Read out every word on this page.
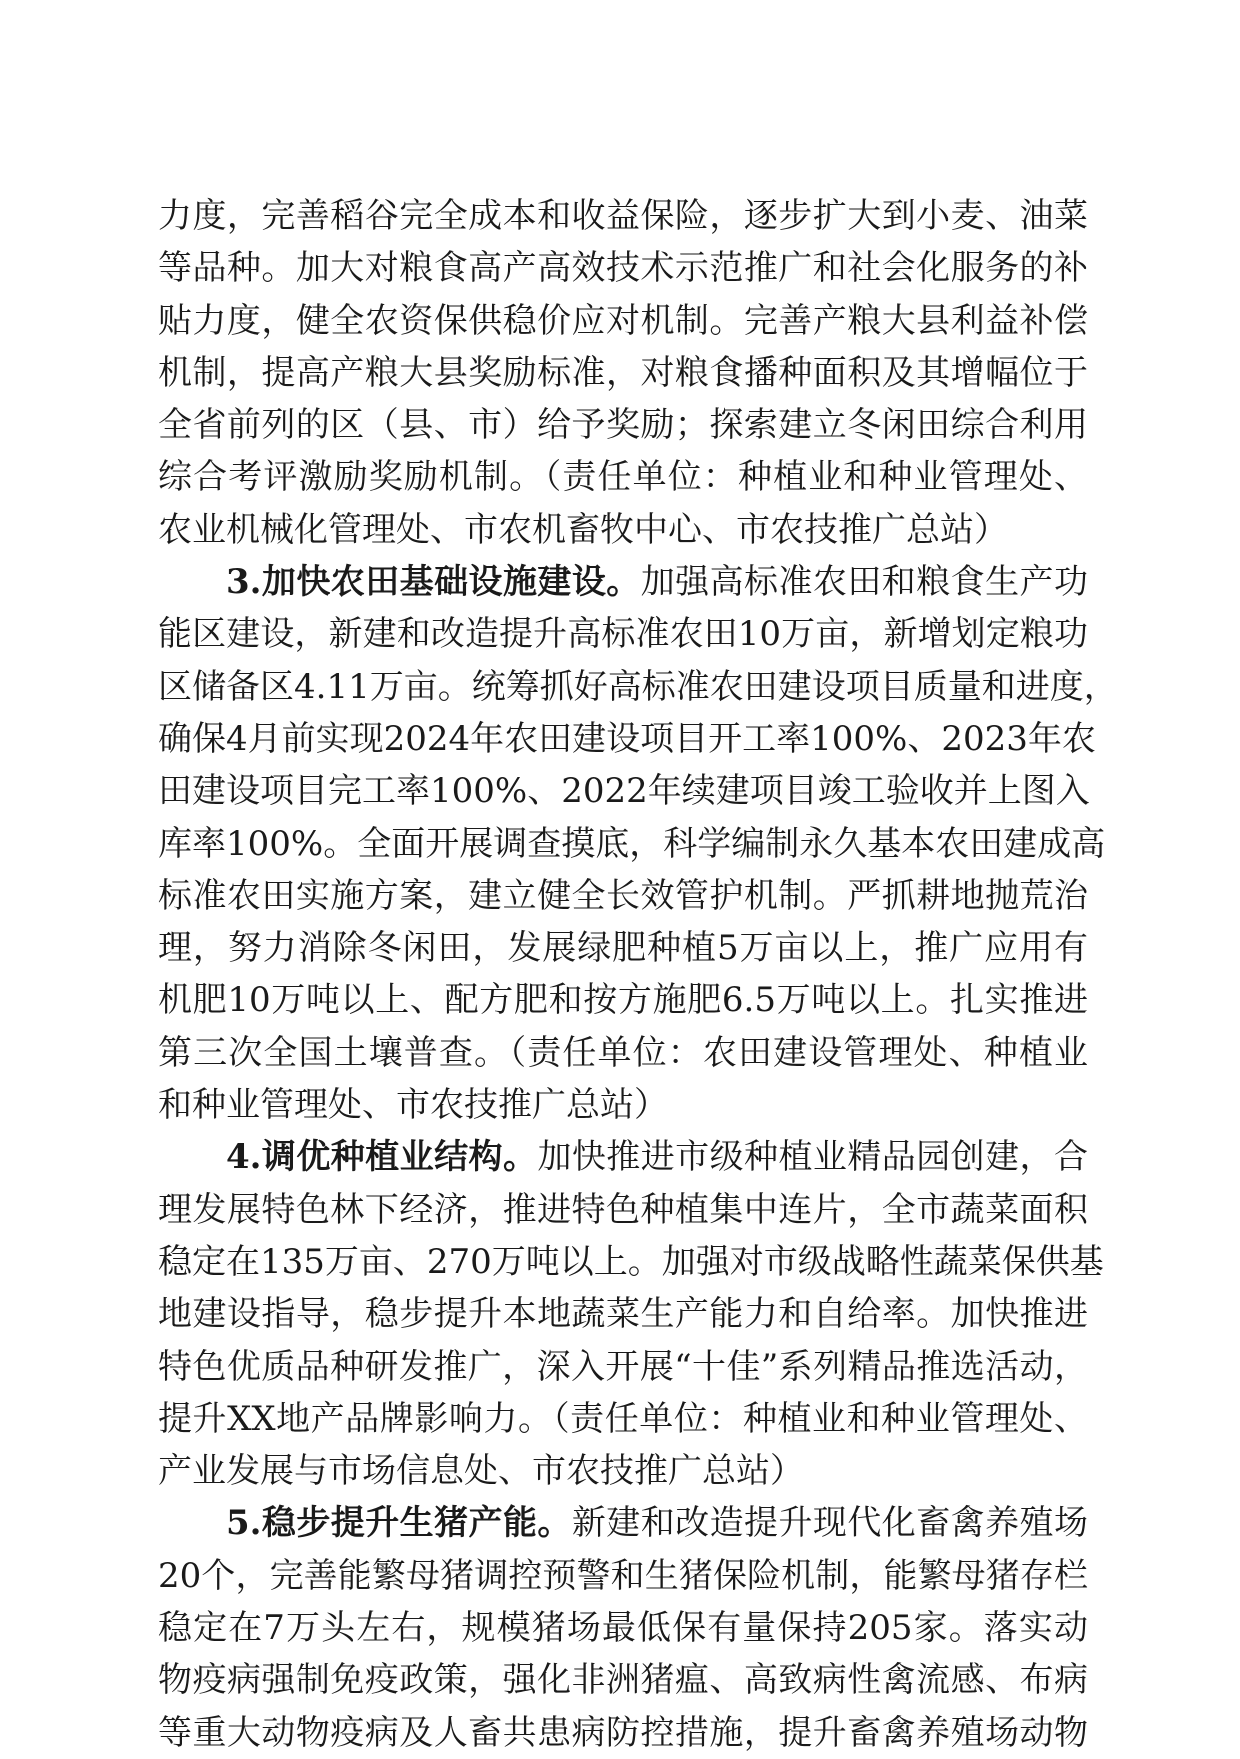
力度，完善稻谷完全成本和收益保险，逐步扩大到小麦、油菜
等品种。加大对粮食高产高效技术示范推广和社会化服务的补
贴力度，健全农资保供稳价应对机制。完善产粮大县利益补偿
机制，提高产粮大县奖励标准，对粮食播种面积及其增幅位于
全省前列的区（县、市）给予奖励；探索建立冬闲田综合利用
综合考评激励奖励机制。（责任单位：种植业和种业管理处、
农业机械化管理处、市农机畜牧中心、市农技推广总站）
3.加快农田基础设施建设。加强高标准农田和粮食生产功
能区建设，新建和改造提升高标准农田10万亩，新增划定粮功
区储备区4.11万亩。统筹抓好高标准农田建设项目质量和进度，
确保4月前实现2024年农田建设项目开工率100%、2023年农
田建设项目完工率100%、2022年续建项目竣工验收并上图入
库率100%。全面开展调查摸底，科学编制永久基本农田建成高
标准农田实施方案，建立健全长效管护机制。严抓耕地抛荒治
理，努力消除冬闲田，发展绿肥种植5万亩以上，推广应用有
机肥10万吨以上、配方肥和按方施肥6.5万吨以上。扎实推进
第三次全国土壤普查。（责任单位：农田建设管理处、种植业
和种业管理处、市农技推广总站）
4.调优种植业结构。加快推进市级种植业精品园创建，合
理发展特色林下经济，推进特色种植集中连片，全市蔬菜面积
稳定在135万亩、270万吨以上。加强对市级战略性蔬菜保供基
地建设指导，稳步提升本地蔬菜生产能力和自给率。加快推进
特色优质品种研发推广，深入开展“十佳”系列精品推选活动，
提升XX地产品牌影响力。（责任单位：种植业和种业管理处、
产业发展与市场信息处、市农技推广总站）
5.稳步提升生猪产能。新建和改造提升现代化畜禽养殖场
20个，完善能繁母猪调控预警和生猪保险机制，能繁母猪存栏
稳定在7万头左右，规模猪场最低保有量保持205家。落实动
物疫病强制免疫政策，强化非洲猪瘟、高致病性禽流感、布病
等重大动物疫病及人畜共患病防控措施，提升畜禽养殖场动物
